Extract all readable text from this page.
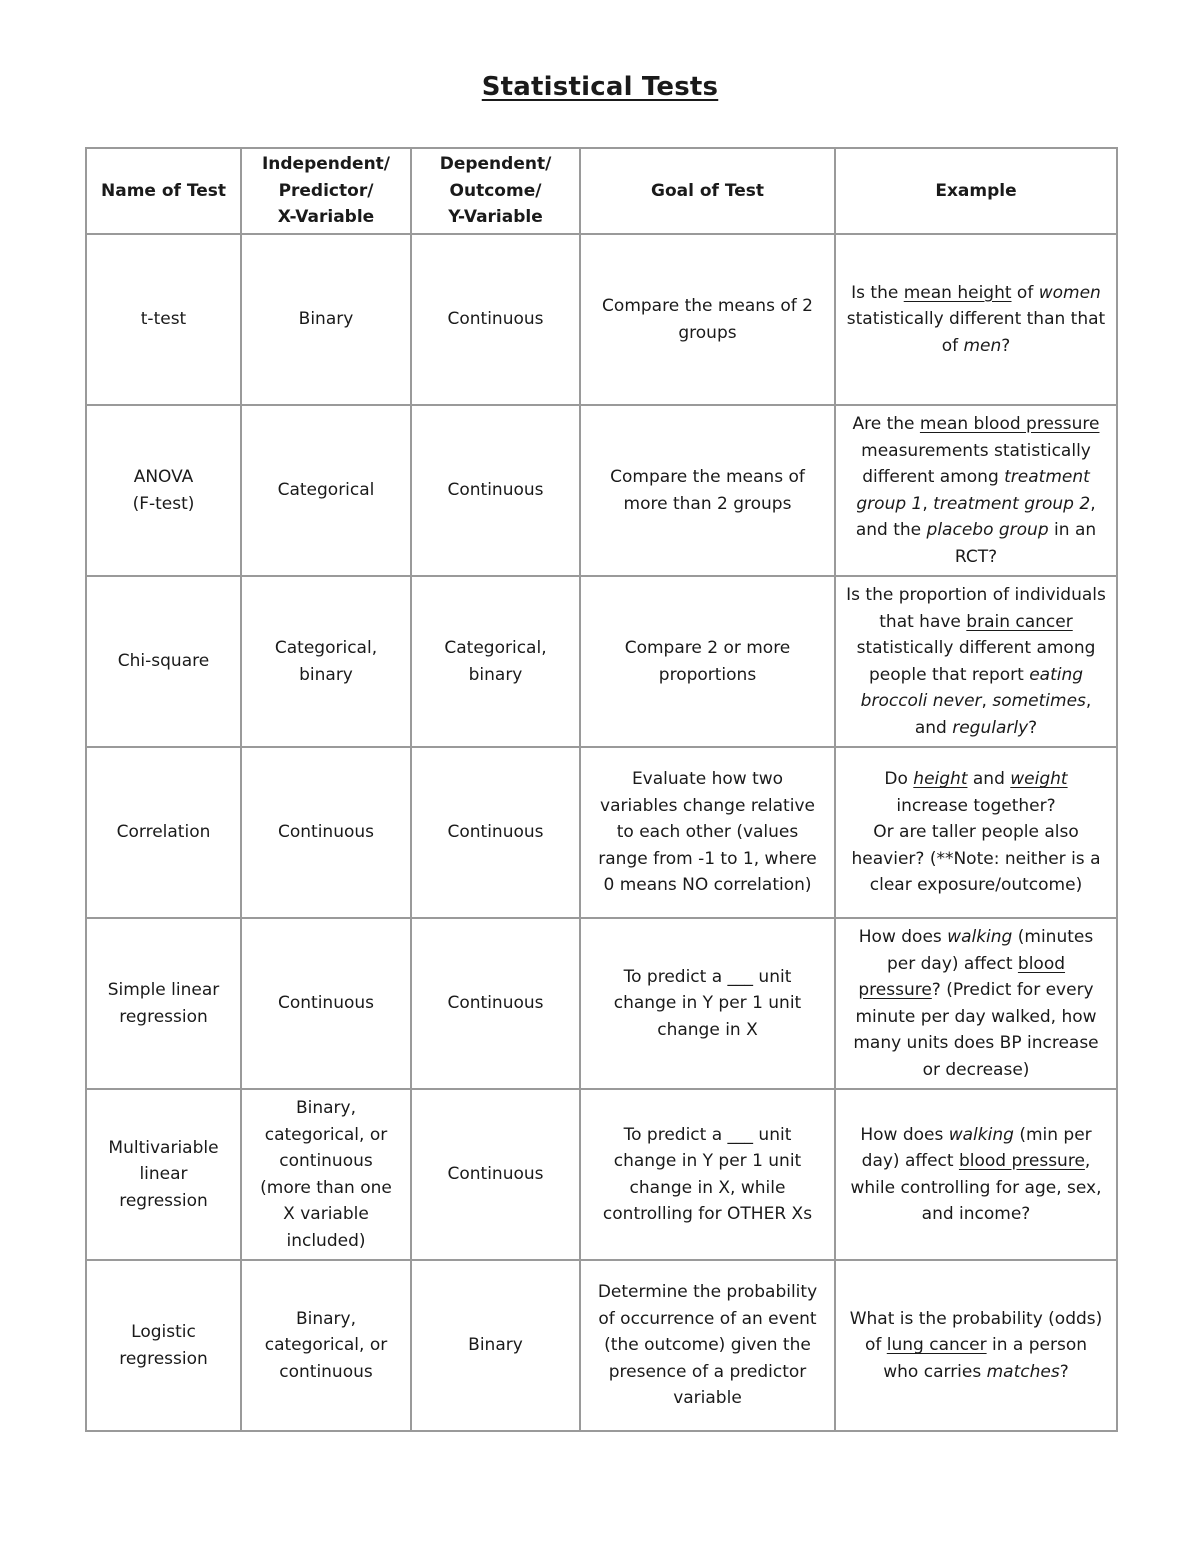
Statistical Tests
Name of Test	Independent/
Predictor/
X-Variable	Dependent/
Outcome/
Y-Variable	Goal of Test	Example
t-test	Binary	Continuous	Compare the means of 2 groups	Is the mean height of women statistically different than that of men?
ANOVA
(F-test)	Categorical	Continuous	Compare the means of more than 2 groups	Are the mean blood pressure measurements statistically different among treatment group 1, treatment group 2, and the placebo group in an RCT?
Chi-square	Categorical, binary	Categorical, binary	Compare 2 or more proportions	Is the proportion of individuals that have brain cancer statistically different among people that report eating broccoli never, sometimes, and regularly?
Correlation	Continuous	Continuous	Evaluate how two variables change relative to each other (values range from -1 to 1, where 0 means NO correlation)	Do height and weight increase together?
Or are taller people also heavier? (**Note: neither is a clear exposure/outcome)
Simple linear regression	Continuous	Continuous	To predict a ___ unit change in Y per 1 unit change in X	How does walking (minutes per day) affect blood pressure? (Predict for every minute per day walked, how many units does BP increase or decrease)
Multivariable linear regression	Binary, categorical, or continuous (more than one X variable included)	Continuous	To predict a ___ unit change in Y per 1 unit change in X, while controlling for OTHER Xs	How does walking (min per day) affect blood pressure, while controlling for age, sex, and income?
Logistic regression	Binary, categorical, or continuous	Binary	Determine the probability of occurrence of an event (the outcome) given the presence of a predictor variable	What is the probability (odds) of lung cancer in a person who carries matches?
